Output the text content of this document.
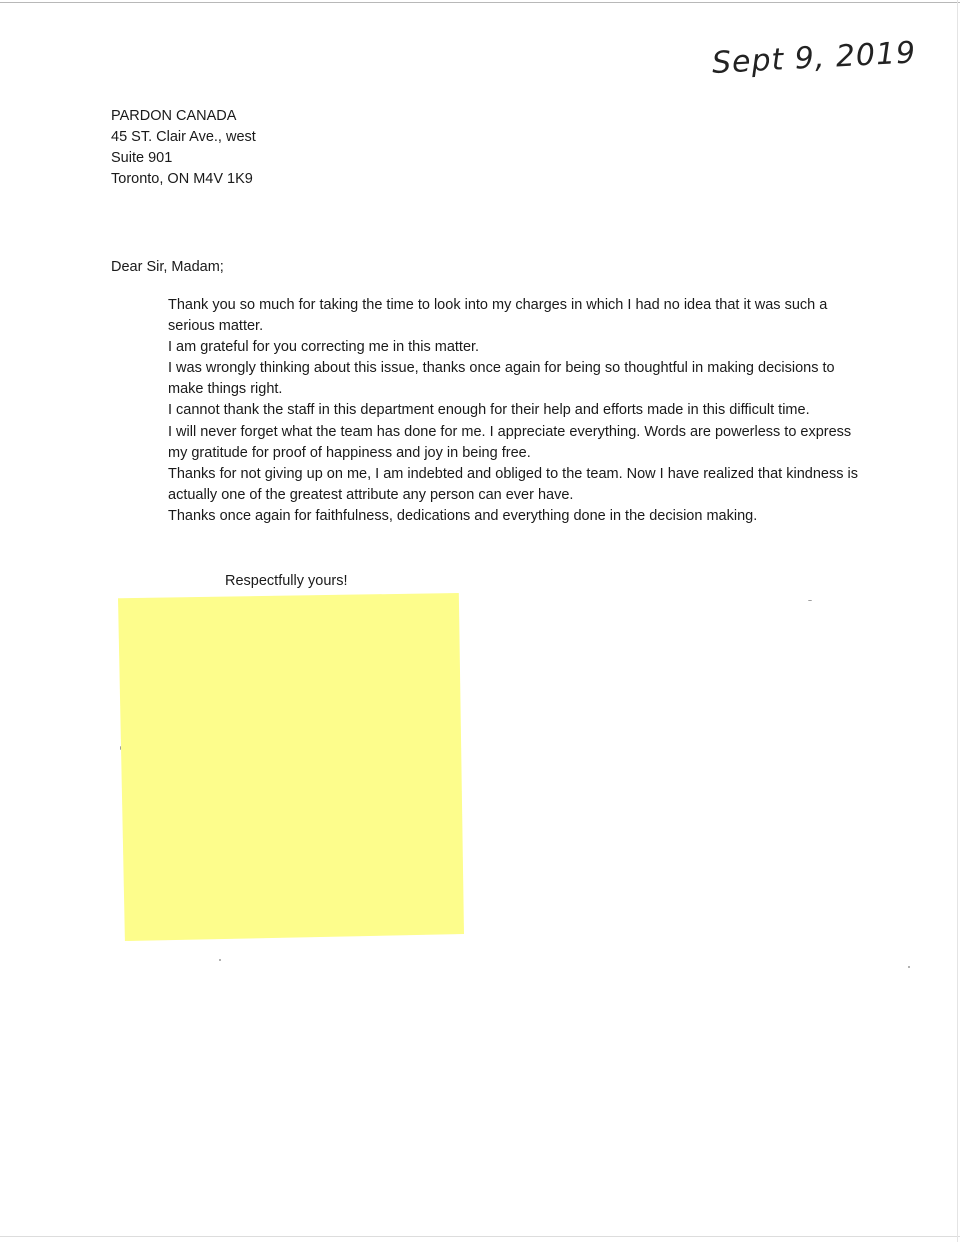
Sept 9, 2019
PARDON CANADA
45 ST. Clair Ave., west
Suite 901
Toronto, ON M4V 1K9
Dear Sir, Madam;

Thank you so much for taking the time to look into my charges in which I had no idea that it was such a serious matter.

I am grateful for you correcting me in this matter.

I was wrongly thinking about this issue, thanks once again for being so thoughtful in making decisions to make things right.

I cannot thank the staff in this department enough for their help and efforts made in this difficult time.

I will never forget what the team has done for me. I appreciate everything. Words are powerless to express my gratitude for proof of happiness and joy in being free.

Thanks for not giving up on me, I am indebted and obliged to the team. Now I have realized that kindness is actually one of the greatest attribute any person can ever have.

Thanks once again for faithfulness, dedications and everything done in the decision making.

Respectfully yours!
